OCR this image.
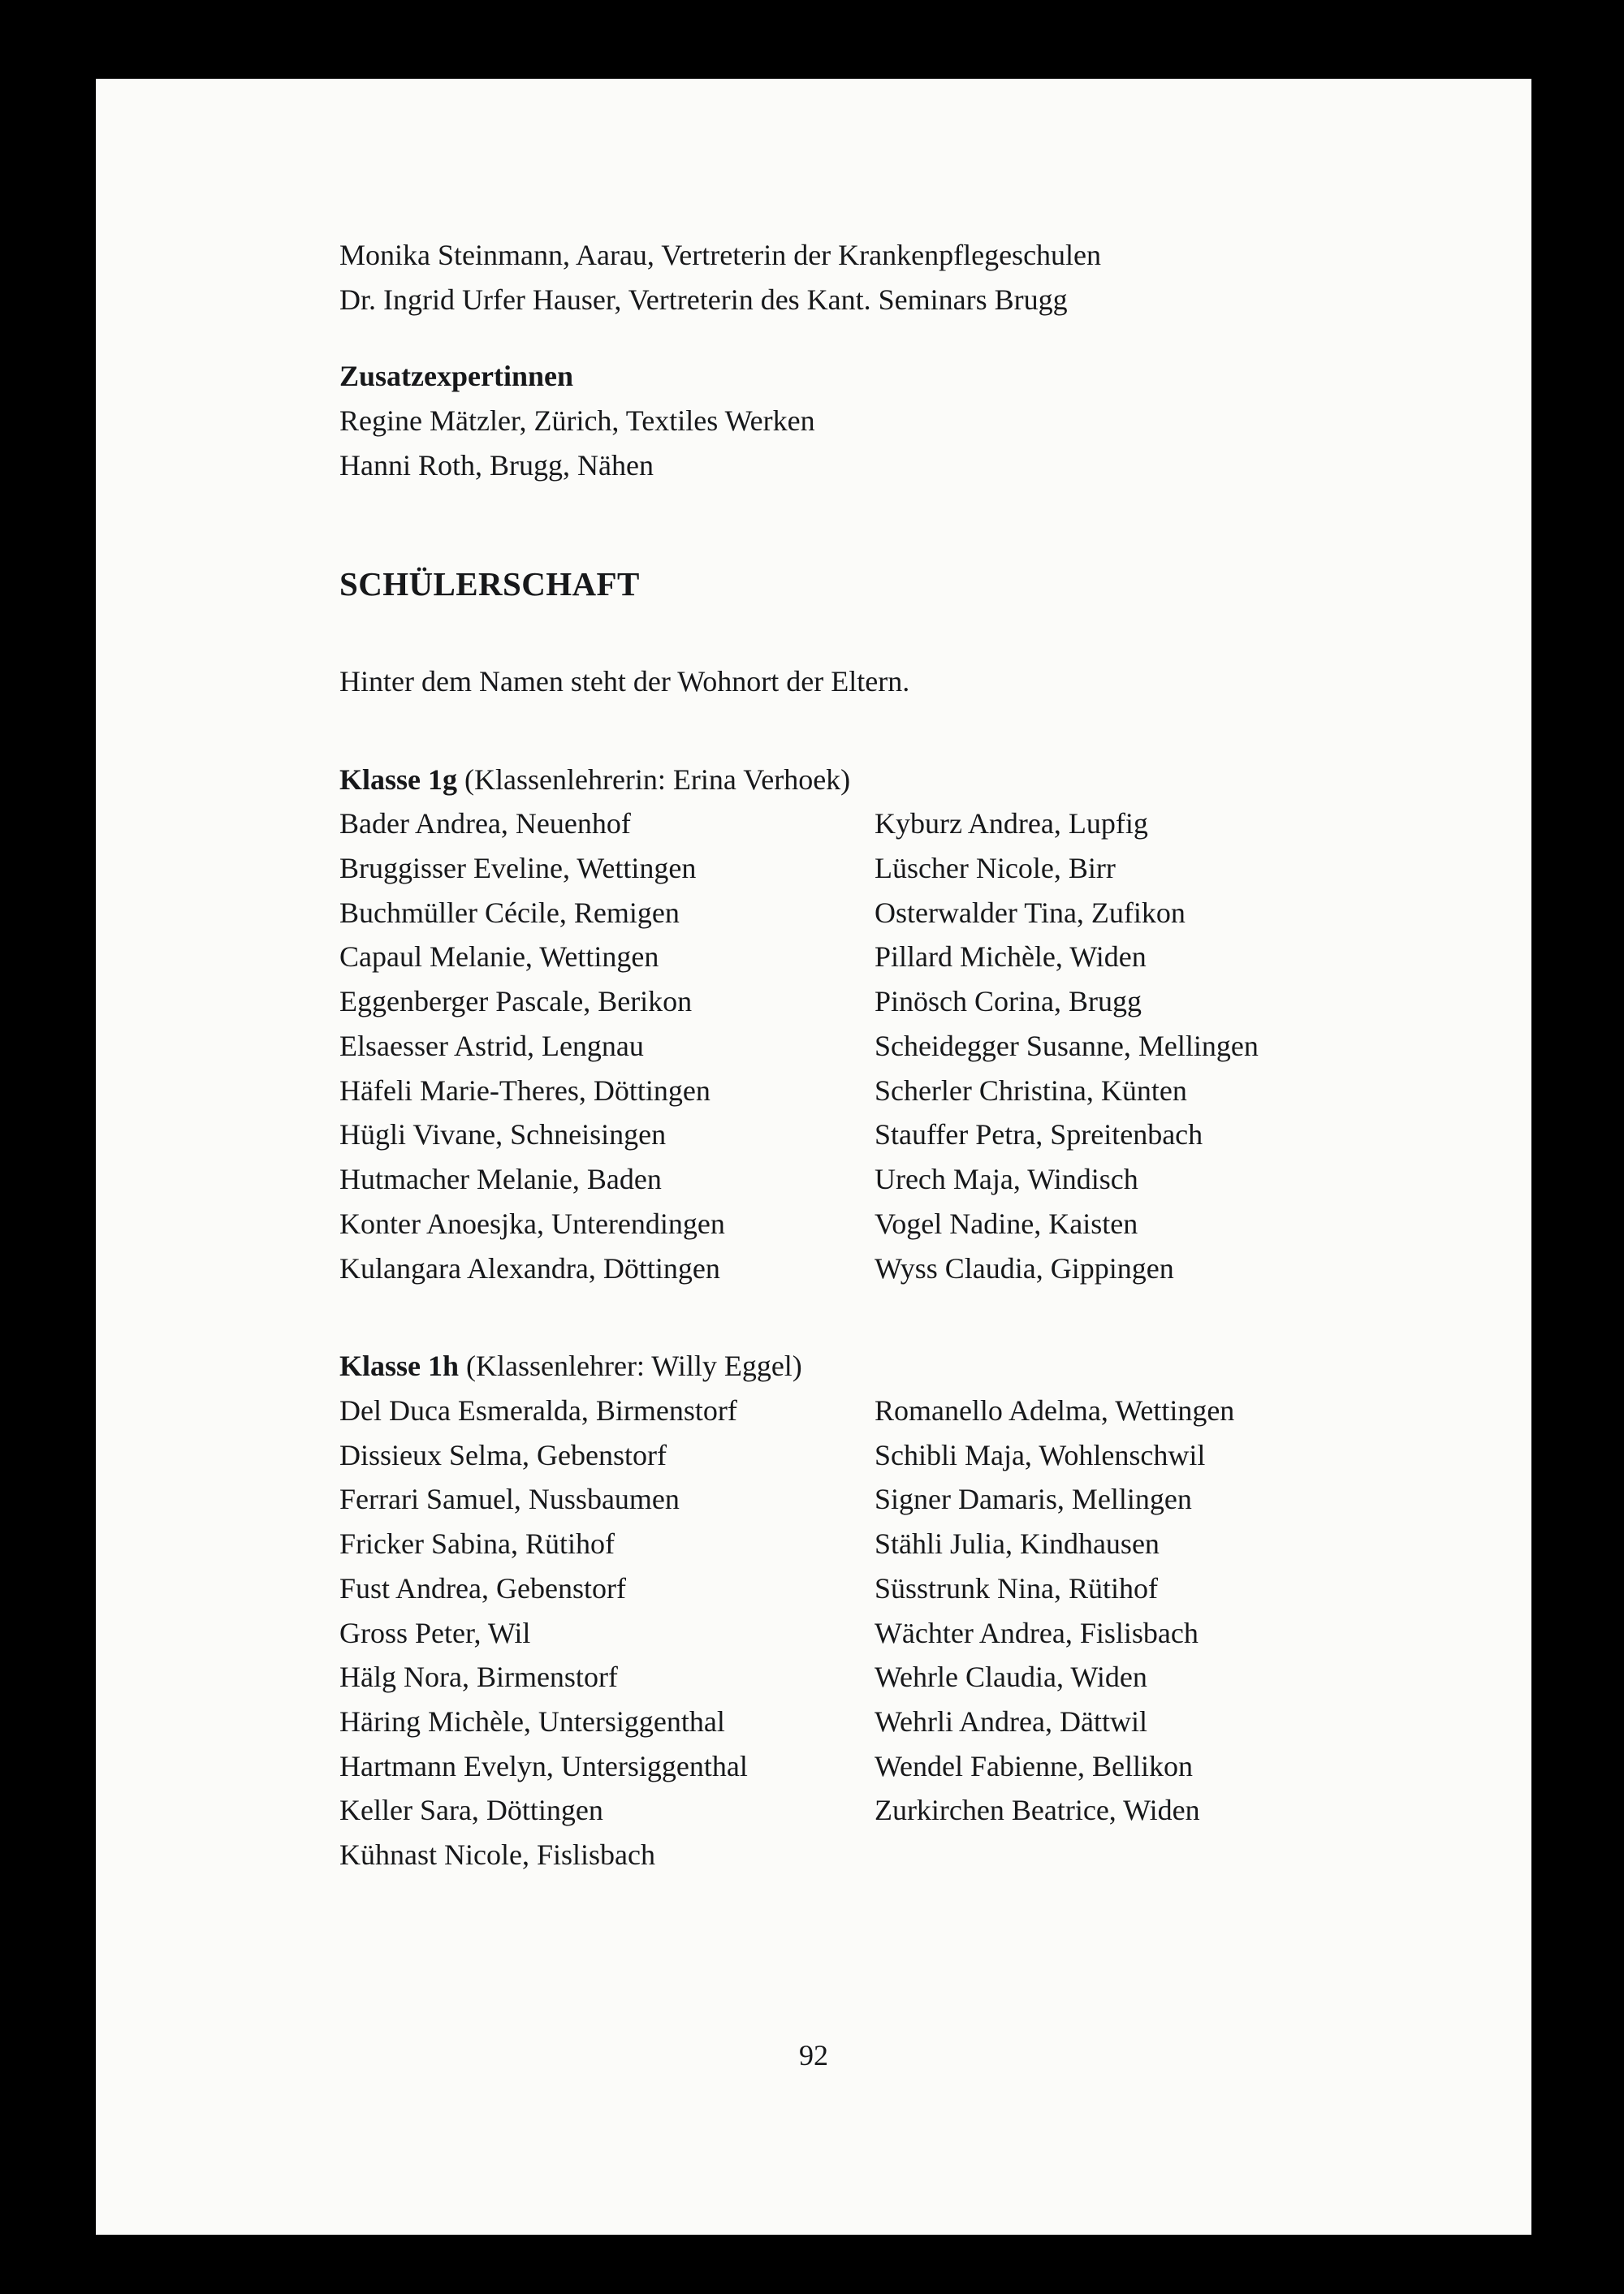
Monika Steinmann, Aarau, Vertreterin der Krankenpflegeschulen
Dr. Ingrid Urfer Hauser, Vertreterin des Kant. Seminars Brugg
Zusatzexpertinnen
Regine Mätzler, Zürich, Textiles Werken
Hanni Roth, Brugg, Nähen
SCHÜLERSCHAFT
Hinter dem Namen steht der Wohnort der Eltern.
Klasse 1g (Klassenlehrerin: Erina Verhoek)
Bader Andrea, Neuenhof
Bruggisser Eveline, Wettingen
Buchmüller Cécile, Remigen
Capaul Melanie, Wettingen
Eggenberger Pascale, Berikon
Elsaesser Astrid, Lengnau
Häfeli Marie-Theres, Döttingen
Hügli Vivane, Schneisingen
Hutmacher Melanie, Baden
Konter Anoesjka, Unterendingen
Kulangara Alexandra, Döttingen
Kyburz Andrea, Lupfig
Lüscher Nicole, Birr
Osterwalder Tina, Zufikon
Pillard Michèle, Widen
Pinösch Corina, Brugg
Scheidegger Susanne, Mellingen
Scherler Christina, Künten
Stauffer Petra, Spreitenbach
Urech Maja, Windisch
Vogel Nadine, Kaisten
Wyss Claudia, Gippingen
Klasse 1h (Klassenlehrer: Willy Eggel)
Del Duca Esmeralda, Birmenstorf
Dissieux Selma, Gebenstorf
Ferrari Samuel, Nussbaumen
Fricker Sabina, Rütihof
Fust Andrea, Gebenstorf
Gross Peter, Wil
Hälg Nora, Birmenstorf
Häring Michèle, Untersiggenthal
Hartmann Evelyn, Untersiggenthal
Keller Sara, Döttingen
Kühnast Nicole, Fislisbach
Romanello Adelma, Wettingen
Schibli Maja, Wohlenschwil
Signer Damaris, Mellingen
Stähli Julia, Kindhausen
Süsstrunk Nina, Rütihof
Wächter Andrea, Fislisbach
Wehrle Claudia, Widen
Wehrli Andrea, Dättwil
Wendel Fabienne, Bellikon
Zurkirchen Beatrice, Widen
92
